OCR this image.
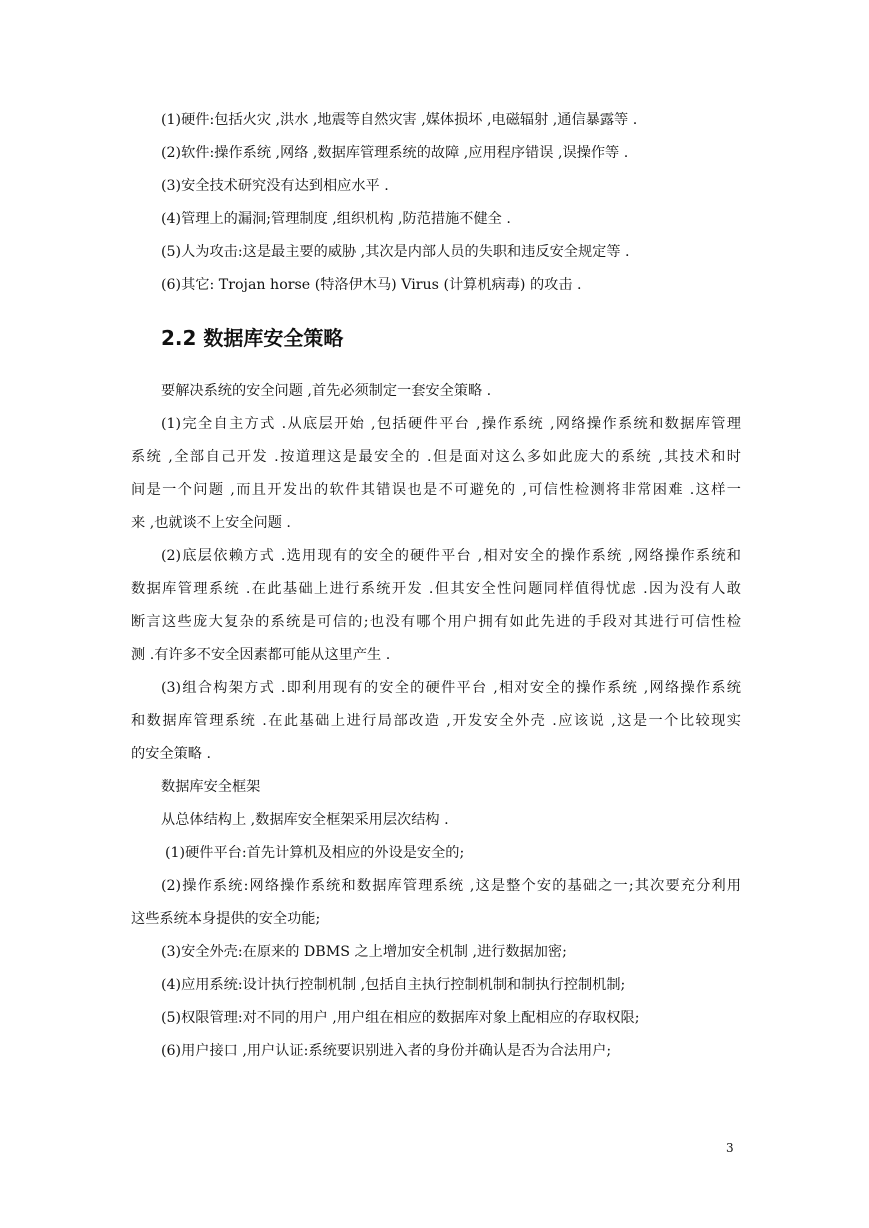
(1)硬件:包括火灾 ,洪水 ,地震等自然灾害 ,媒体损坏 ,电磁辐射 ,通信暴露等 .

(2)软件:操作系统 ,网络 ,数据库管理系统的故障 ,应用程序错误 ,误操作等 .

(3)安全技术研究没有达到相应水平 .

(4)管理上的漏洞;管理制度 ,组织机构 ,防范措施不健全 .

(5)人为攻击:这是最主要的威胁 ,其次是内部人员的失职和违反安全规定等 .

(6)其它: Trojan horse (特洛伊木马) Virus (计算机病毒) 的攻击 .

2.2 数据库安全策略

要解决系统的安全问题 ,首先必须制定一套安全策略 .

(1)完全自主方式 .从底层开始 ,包括硬件平台 ,操作系统 ,网络操作系统和数据库管理

系统 ,全部自己开发 .按道理这是最安全的 .但是面对这么多如此庞大的系统 ,其技术和时

间是一个问题 ,而且开发出的软件其错误也是不可避免的 ,可信性检测将非常困难 .这样一

来 ,也就谈不上安全问题 .

(2)底层依赖方式 .选用现有的安全的硬件平台 ,相对安全的操作系统 ,网络操作系统和

数据库管理系统 .在此基础上进行系统开发 .但其安全性问题同样值得忧虑 .因为没有人敢

断言这些庞大复杂的系统是可信的;也没有哪个用户拥有如此先进的手段对其进行可信性检

测 .有许多不安全因素都可能从这里产生 .

(3)组合构架方式 .即利用现有的安全的硬件平台 ,相对安全的操作系统 ,网络操作系统

和数据库管理系统 .在此基础上进行局部改造 ,开发安全外壳 .应该说 ,这是一个比较现实

的安全策略 .

数据库安全框架

从总体结构上 ,数据库安全框架采用层次结构 .

(1)硬件平台:首先计算机及相应的外设是安全的;

(2)操作系统:网络操作系统和数据库管理系统 ,这是整个安的基础之一;其次要充分利用

这些系统本身提供的安全功能;

(3)安全外壳:在原来的 DBMS 之上增加安全机制 ,进行数据加密;

(4)应用系统:设计执行控制机制 ,包括自主执行控制机制和制执行控制机制;

(5)权限管理:对不同的用户 ,用户组在相应的数据库对象上配相应的存取权限;

(6)用户接口 ,用户认证:系统要识别进入者的身份并确认是否为合法用户;

3
